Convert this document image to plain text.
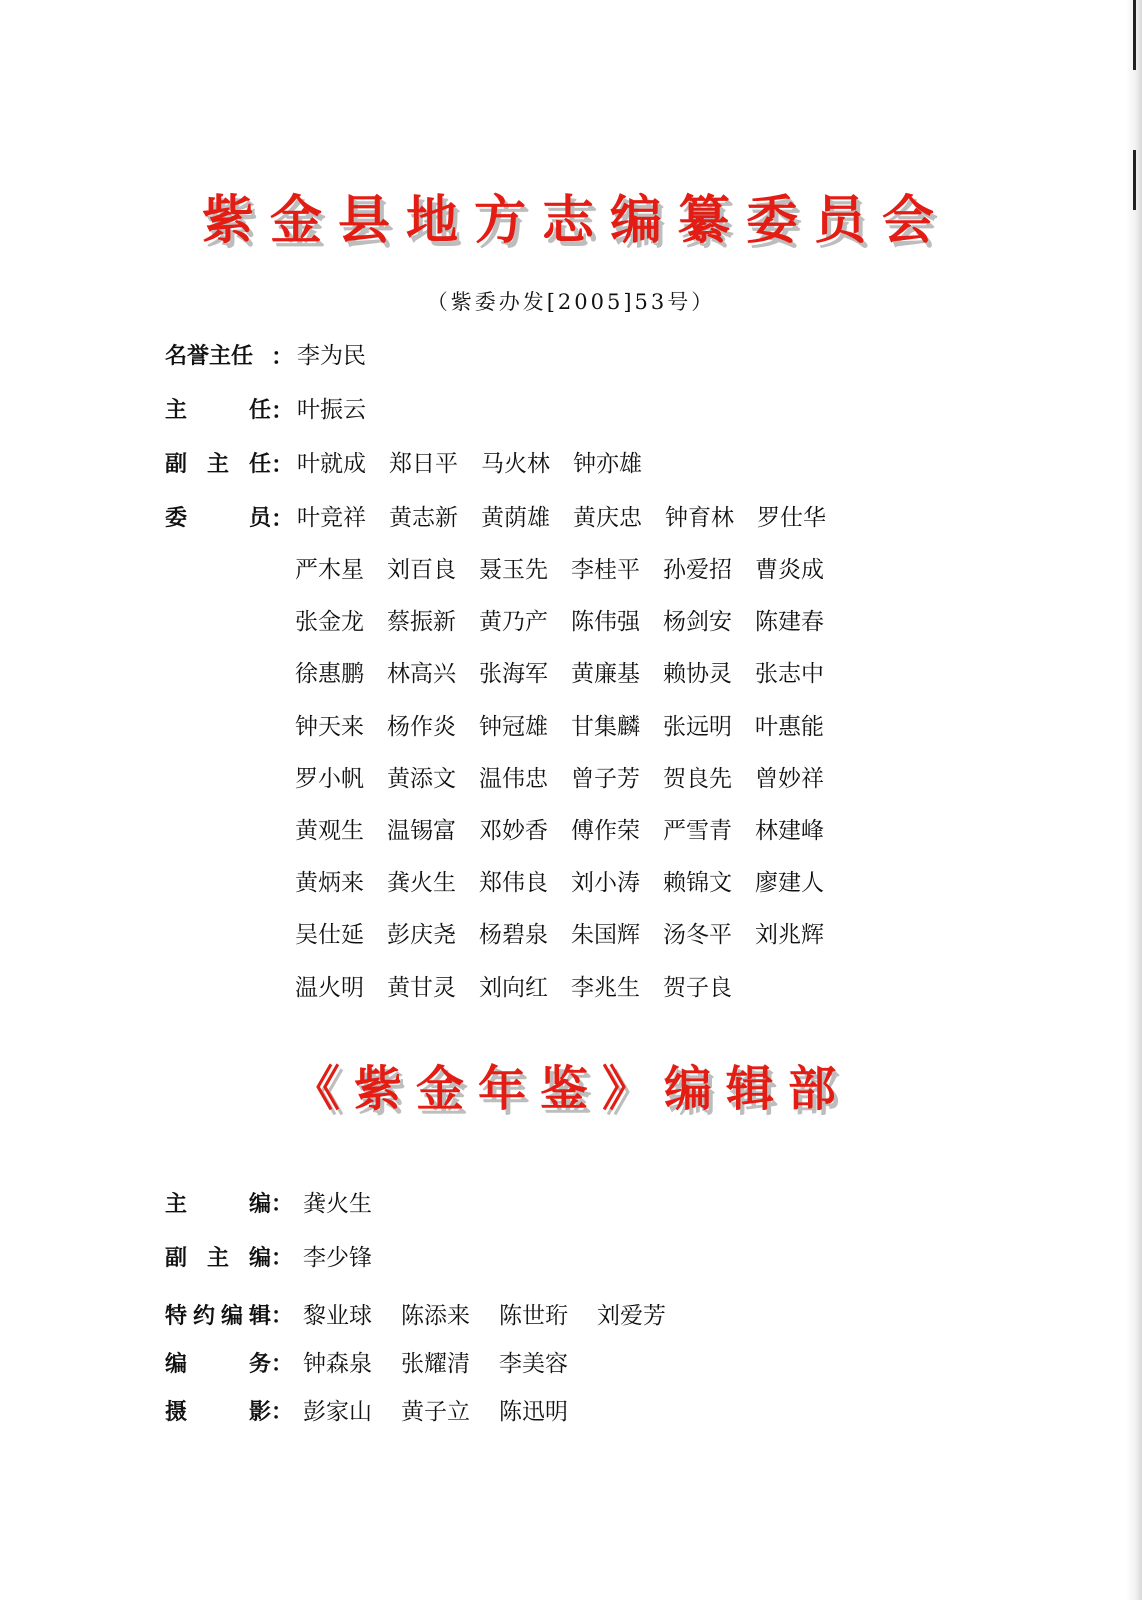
紫金县地方志编纂委员会
（紫委办发[2005]53号）
名誉主任 ： 李为民
主	任 ： 叶振云
副 主 任 ： 叶就成 郑日平 马火林 钟亦雄
委	员 ： 叶竞祥 黄志新 黄荫雄 黄庆忠 钟育林 罗仕华
严木星 刘百良 聂玉先 李桂平 孙爱招 曹炎成
张金龙 蔡振新 黄乃产 陈伟强 杨剑安 陈建春
徐惠鹏 林高兴 张海军 黄廉基 赖协灵 张志中
钟天来 杨作炎 钟冠雄 甘集麟 张远明 叶惠能
罗小帆 黄添文 温伟忠 曾子芳 贺良先 曾妙祥
黄观生 温锡富 邓妙香 傅作荣 严雪青 林建峰
黄炳来 龚火生 郑伟良 刘小涛 赖锦文 廖建人
吴仕延 彭庆尧 杨碧泉 朱国辉 汤冬平 刘兆辉
温火明 黄甘灵 刘向红 李兆生 贺子良
《紫金年鉴》编辑部
主	编 ： 龚火生
副 主 编 ： 李少锋
特 约 编 辑 ： 黎业球 陈添来 陈世珩 刘爱芳
编	务 ： 钟森泉 张耀清 李美容
摄	影 ： 彭家山 黄子立 陈迅明
